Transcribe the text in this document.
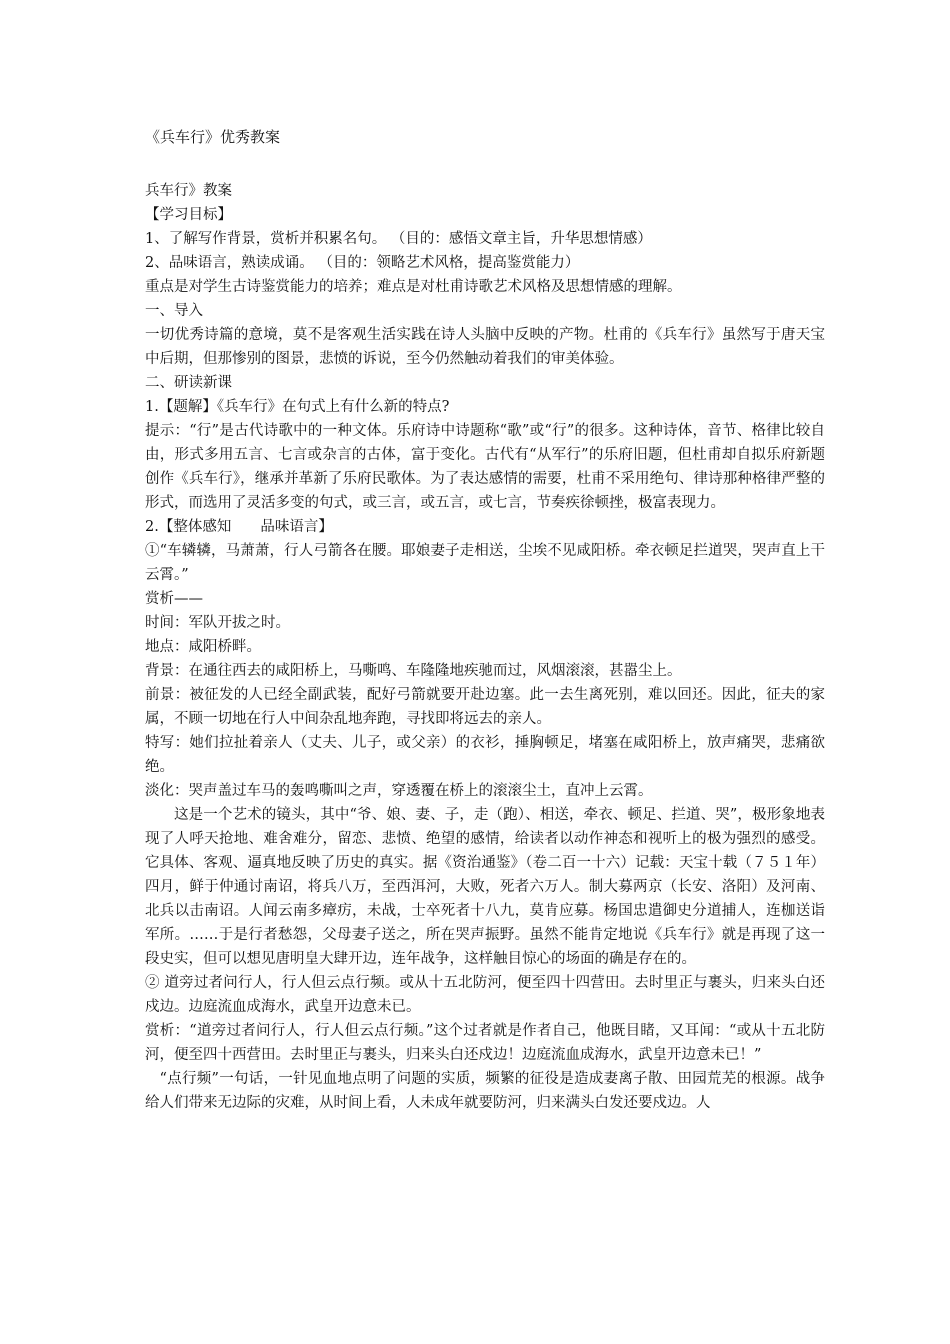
《兵车行》优秀教案

兵车行》教案

【学习目标】

1、了解写作背景，赏析并积累名句。 （目的：感悟文章主旨，升华思想情感）

2、品味语言，熟读成诵。 （目的：领略艺术风格，提高鉴赏能力）

重点是对学生古诗鉴赏能力的培养；难点是对杜甫诗歌艺术风格及思想情感的理解。

一、导入

一切优秀诗篇的意境，莫不是客观生活实践在诗人头脑中反映的产物。杜甫的《兵车行》虽然写于唐天宝中后期，但那惨别的图景，悲愤的诉说，至今仍然触动着我们的审美体验。

二、研读新课

1.【题解】《兵车行》在句式上有什么新的特点?

提示：“行”是古代诗歌中的一种文体。乐府诗中诗题称“歌”或“行”的很多。这种诗体，音节、格律比较自由，形式多用五言、七言或杂言的古体，富于变化。古代有“从军行”的乐府旧题，但杜甫却自拟乐府新题创作《兵车行》，继承并革新了乐府民歌体。为了表达感情的需要，杜甫不采用绝句、律诗那种格律严整的形式，而选用了灵活多变的句式，或三言，或五言，或七言，节奏疾徐顿挫，极富表现力。

2.【整体感知　　品味语言】

①“车辚辚，马萧萧，行人弓箭各在腰。耶娘妻子走相送，尘埃不见咸阳桥。牵衣顿足拦道哭，哭声直上干云霄。”

赏析——

时间：军队开拔之时。

地点：咸阳桥畔。

背景：在通往西去的咸阳桥上，马嘶鸣、车隆隆地疾驰而过，风烟滚滚，甚嚣尘上。

前景：被征发的人已经全副武装，配好弓箭就要开赴边塞。此一去生离死别，难以回还。因此，征夫的家属，不顾一切地在行人中间杂乱地奔跑，寻找即将远去的亲人。

特写：她们拉扯着亲人（丈夫、儿子，或父亲）的衣衫，捶胸顿足，堵塞在咸阳桥上，放声痛哭，悲痛欲绝。

淡化：哭声盖过车马的轰鸣嘶叫之声，穿透覆在桥上的滚滚尘土，直冲上云霄。

这是一个艺术的镜头，其中“爷、娘、妻、子，走（跑）、相送，牵衣、顿足、拦道、哭”，极形象地表现了人呼天抢地、难舍难分，留恋、悲愤、绝望的感情，给读者以动作神态和视听上的极为强烈的感受。它具体、客观、逼真地反映了历史的真实。据《资治通鉴》（卷二百一十六）记载：天宝十载（７５１年）四月，鲜于仲通讨南诏，将兵八万，至西洱河，大败，死者六万人。制大募两京（长安、洛阳）及河南、北兵以击南诏。人闻云南多瘴疠，未战，士卒死者十八九，莫肯应募。杨国忠遣御史分道捕人，连枷送诣军所。……于是行者愁怨，父母妻子送之，所在哭声振野。虽然不能肯定地说《兵车行》就是再现了这一段史实，但可以想见唐明皇大肆开边，连年战争，这样触目惊心的场面的确是存在的。

② 道旁过者问行人，行人但云点行频。或从十五北防河，便至四十四营田。去时里正与裹头，归来头白还戍边。边庭流血成海水，武皇开边意未已。

赏析：“道旁过者问行人，行人但云点行频。”这个过者就是作者自己，他既目睹，又耳闻：“或从十五北防河，便至四十西营田。去时里正与裹头，归来头白还戍边！边庭流血成海水，武皇开边意未已！”

“点行频”一句话，一针见血地点明了问题的实质，频繁的征役是造成妻离子散、田园荒芜的根源。战争给人们带来无边际的灾难，从时间上看，人未成年就要防河，归来满头白发还要戍边。人
